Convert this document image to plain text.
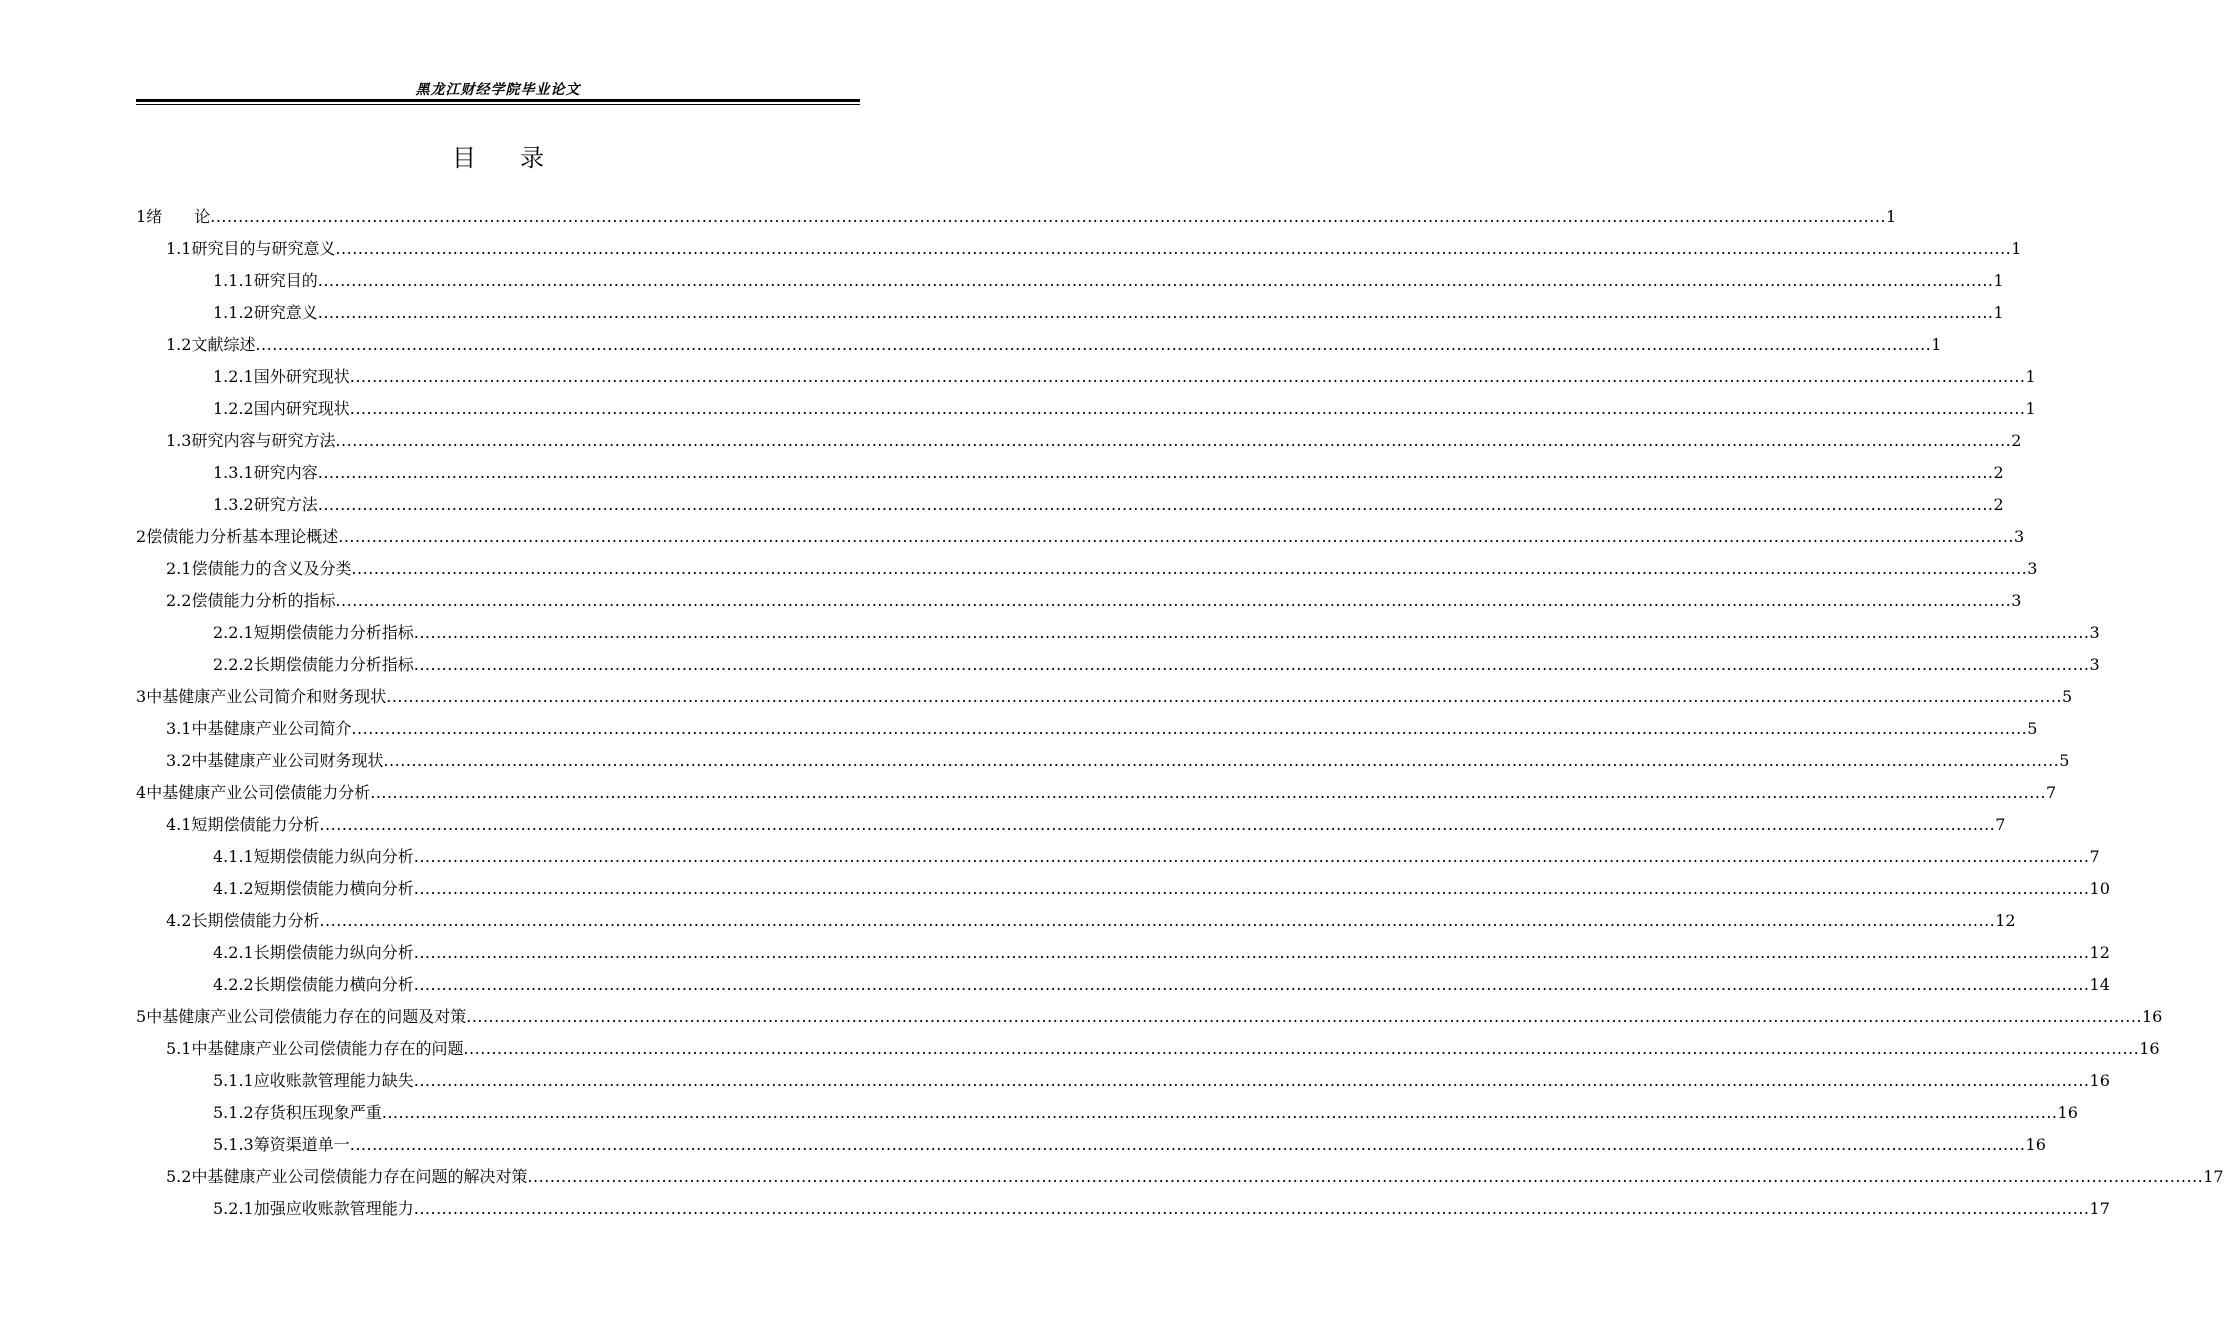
黑龙江财经学院毕业论文
目录
1 绪　　论 ............................................................................................................................................................................................................................................................................................................ 1
1.1 研究目的与研究意义 ............................................................................................................................................................................................................................................................................................................ 1
1.1.1 研究目的 ............................................................................................................................................................................................................................................................................................................ 1
1.1.2 研究意义 ............................................................................................................................................................................................................................................................................................................ 1
1.2 文献综述 ............................................................................................................................................................................................................................................................................................................ 1
1.2.1 国外研究现状 ............................................................................................................................................................................................................................................................................................................ 1
1.2.2 国内研究现状 ............................................................................................................................................................................................................................................................................................................ 1
1.3 研究内容与研究方法 ............................................................................................................................................................................................................................................................................................................ 2
1.3.1 研究内容 ............................................................................................................................................................................................................................................................................................................ 2
1.3.2 研究方法 ............................................................................................................................................................................................................................................................................................................ 2
2 偿债能力分析基本理论概述 ............................................................................................................................................................................................................................................................................................................ 3
2.1 偿债能力的含义及分类 ............................................................................................................................................................................................................................................................................................................ 3
2.2 偿债能力分析的指标 ............................................................................................................................................................................................................................................................................................................ 3
2.2.1 短期偿债能力分析指标 ............................................................................................................................................................................................................................................................................................................ 3
2.2.2 长期偿债能力分析指标 ............................................................................................................................................................................................................................................................................................................ 3
3 中基健康产业公司简介和财务现状 ............................................................................................................................................................................................................................................................................................................ 5
3.1 中基健康产业公司简介 ............................................................................................................................................................................................................................................................................................................ 5
3.2 中基健康产业公司财务现状 ............................................................................................................................................................................................................................................................................................................ 5
4 中基健康产业公司偿债能力分析 ............................................................................................................................................................................................................................................................................................................ 7
4.1 短期偿债能力分析 ............................................................................................................................................................................................................................................................................................................ 7
4.1.1 短期偿债能力纵向分析 ............................................................................................................................................................................................................................................................................................................ 7
4.1.2 短期偿债能力横向分析 ............................................................................................................................................................................................................................................................................................................ 10
4.2 长期偿债能力分析 ............................................................................................................................................................................................................................................................................................................ 12
4.2.1 长期偿债能力纵向分析 ............................................................................................................................................................................................................................................................................................................ 12
4.2.2 长期偿债能力横向分析 ............................................................................................................................................................................................................................................................................................................ 14
5 中基健康产业公司偿债能力存在的问题及对策 ............................................................................................................................................................................................................................................................................................................ 16
5.1 中基健康产业公司偿债能力存在的问题 ............................................................................................................................................................................................................................................................................................................ 16
5.1.1 应收账款管理能力缺失 ............................................................................................................................................................................................................................................................................................................ 16
5.1.2 存货积压现象严重 ............................................................................................................................................................................................................................................................................................................ 16
5.1.3 筹资渠道单一 ............................................................................................................................................................................................................................................................................................................ 16
5.2 中基健康产业公司偿债能力存在问题的解决对策 ............................................................................................................................................................................................................................................................................................................ 17
5.2.1 加强应收账款管理能力 ............................................................................................................................................................................................................................................................................................................ 17
